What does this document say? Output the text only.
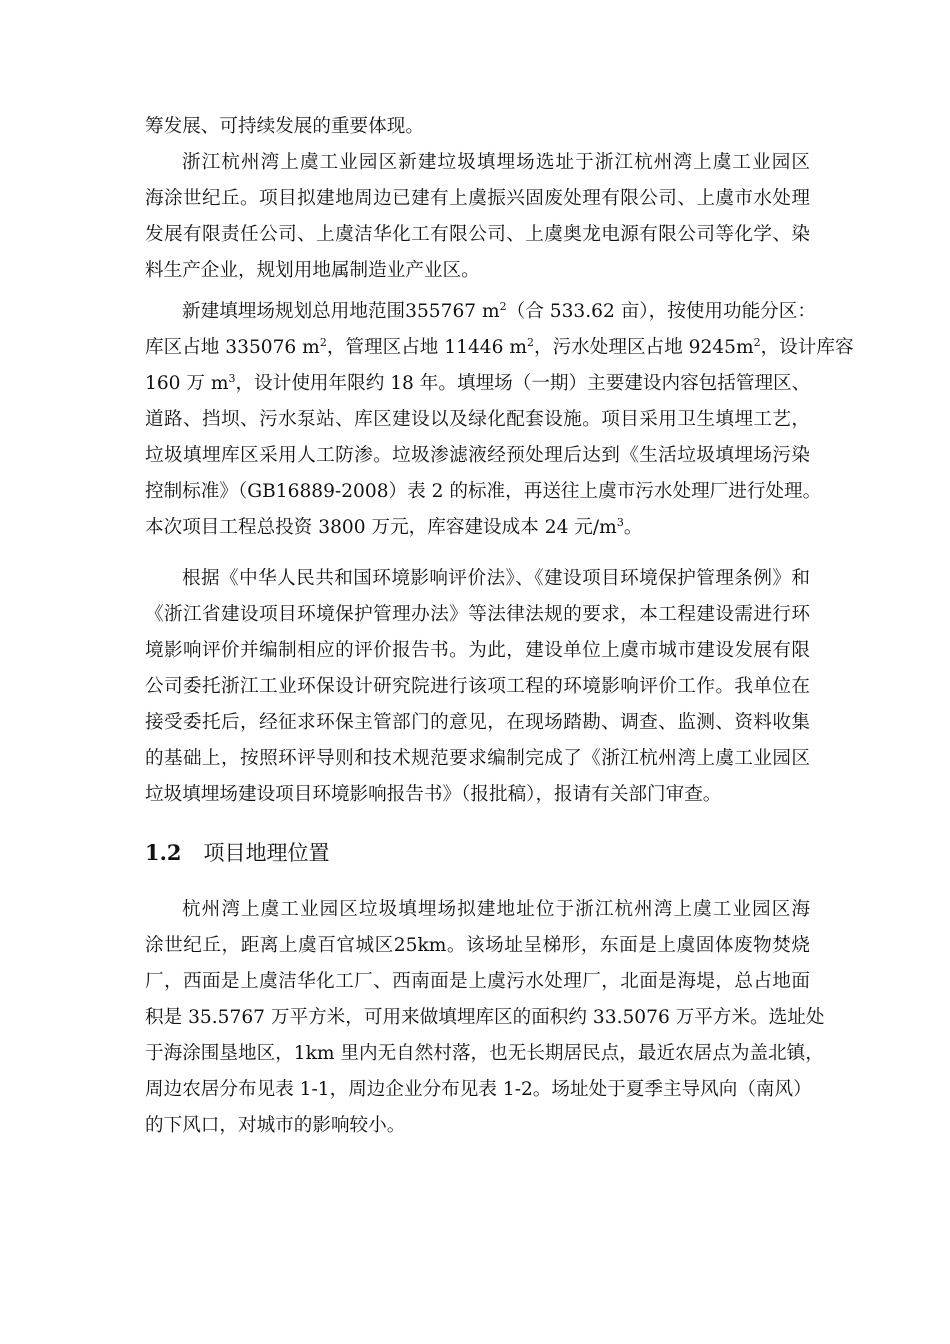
筹发展、可持续发展的重要体现。
浙江杭州湾上虞工业园区新建垃圾填埋场选址于浙江杭州湾上虞工业园区
海涂世纪丘。项目拟建地周边已建有上虞振兴固废处理有限公司、上虞市水处理
发展有限责任公司、上虞洁华化工有限公司、上虞奥龙电源有限公司等化学、染
料生产企业，规划用地属制造业产业区。
新建填埋场规划总用地范围355767 $m^2$（合 533.62 亩），按使用功能分区：
库区占地 335076 $m^2$，管理区占地 11446 $m^2$，污水处理区占地 $9245m^2$，设计库容
160 万 $m^3$，设计使用年限约 18 年。填埋场（一期）主要建设内容包括管理区、
道路、挡坝、污水泵站、库区建设以及绿化配套设施。项目采用卫生填埋工艺，
垃圾填埋库区采用人工防渗。垃圾渗滤液经预处理后达到《生活垃圾填埋场污染
控制标准》（GB16889-2008）表 2 的标准，再送往上虞市污水处理厂进行处理。
本次项目工程总投资 3800 万元，库容建设成本 24 元$/m^3$。
根据《中华人民共和国环境影响评价法》、《建设项目环境保护管理条例》和
《浙江省建设项目环境保护管理办法》等法律法规的要求，本工程建设需进行环
境影响评价并编制相应的评价报告书。为此，建设单位上虞市城市建设发展有限
公司委托浙江工业环保设计研究院进行该项工程的环境影响评价工作。我单位在
接受委托后，经征求环保主管部门的意见，在现场踏勘、调查、监测、资料收集
的基础上，按照环评导则和技术规范要求编制完成了《浙江杭州湾上虞工业园区
垃圾填埋场建设项目环境影响报告书》（报批稿），报请有关部门审查。
1.2 项目地理位置
杭州湾上虞工业园区垃圾填埋场拟建地址位于浙江杭州湾上虞工业园区海
涂世纪丘，距离上虞百官城区25km。该场址呈梯形，东面是上虞固体废物焚烧
厂，西面是上虞洁华化工厂、西南面是上虞污水处理厂，北面是海堤，总占地面
积是 35.5767 万平方米，可用来做填埋库区的面积约 33.5076 万平方米。选址处
于海涂围垦地区，1km 里内无自然村落，也无长期居民点，最近农居点为盖北镇，
周边农居分布见表 1-1，周边企业分布见表 1-2。场址处于夏季主导风向（南风）
的下风口，对城市的影响较小。
